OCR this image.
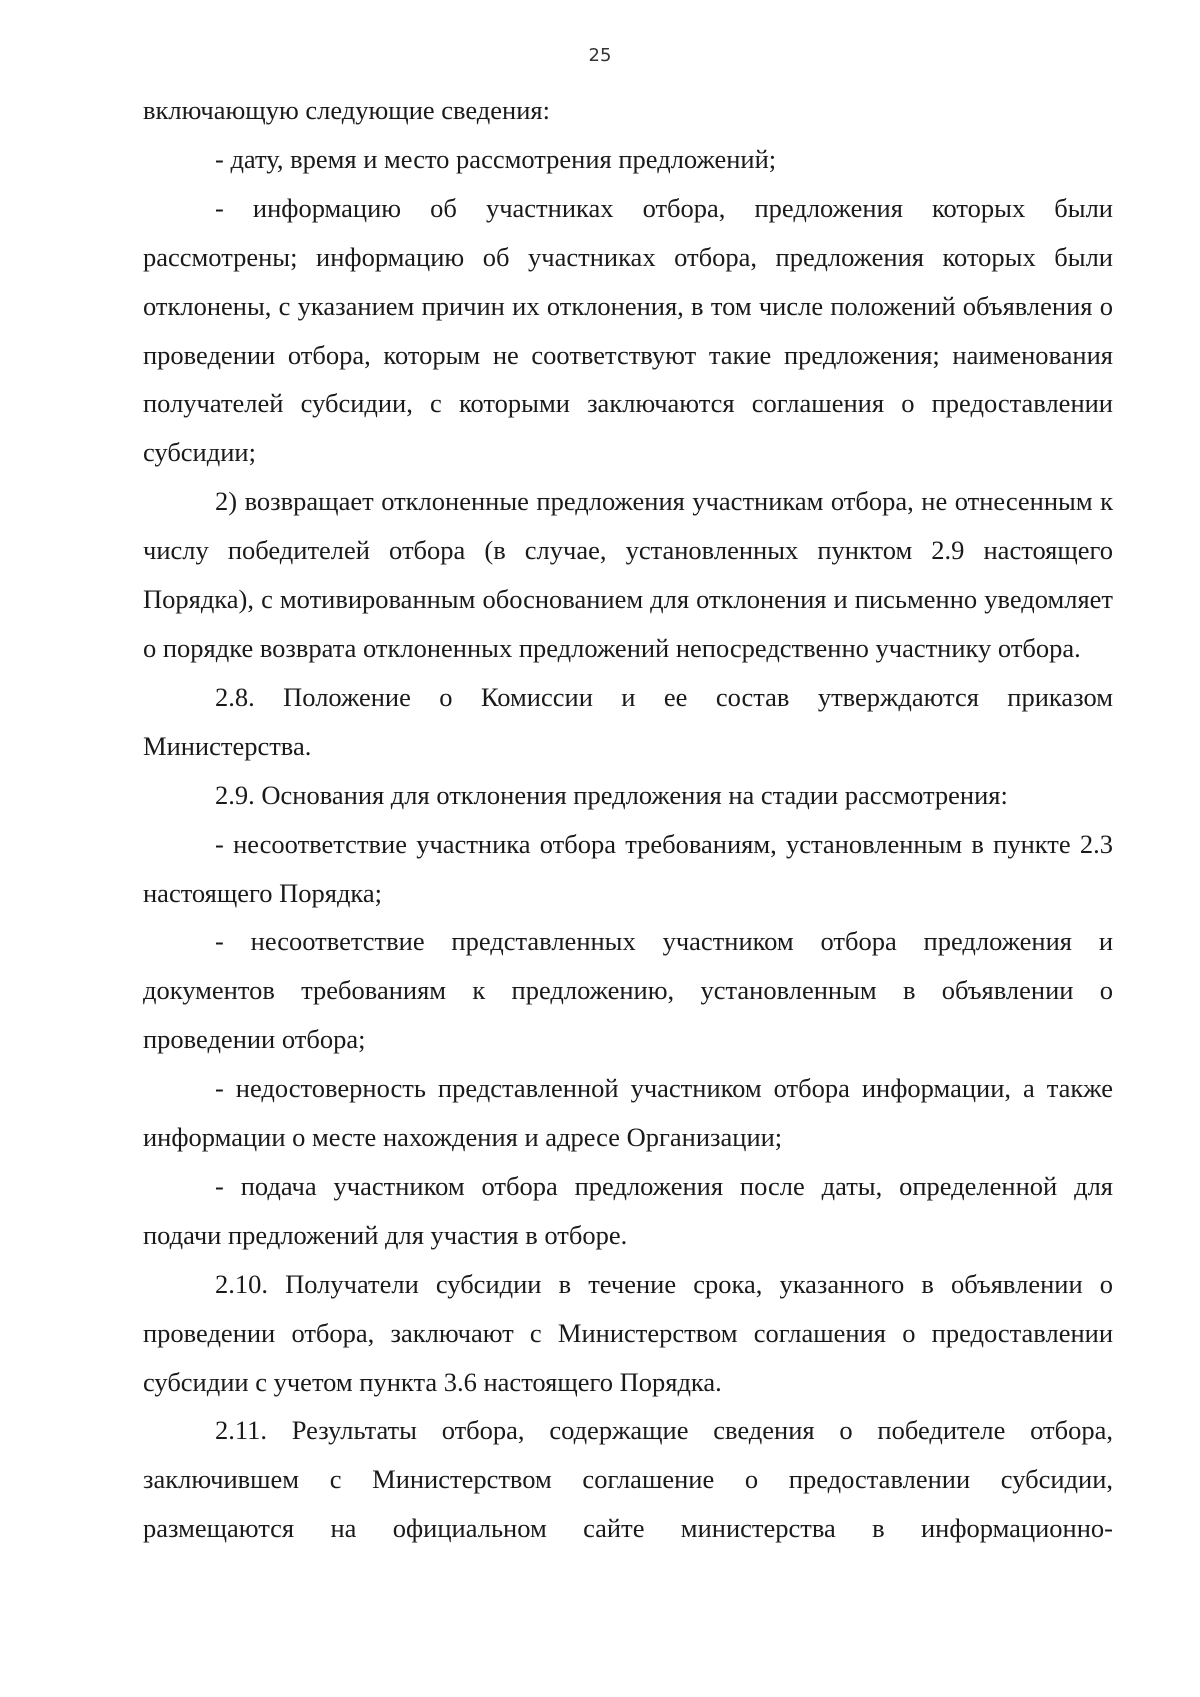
25

включающую следующие сведения:

- дату, время и место рассмотрения предложений;

- информацию об участниках отбора, предложения которых были рассмотрены; информацию об участниках отбора, предложения которых были отклонены, с указанием причин их отклонения, в том числе положений объявления о проведении отбора, которым не соответствуют такие предложения; наименования получателей субсидии, с которыми заключаются соглашения о предоставлении субсидии;

2) возвращает отклоненные предложения участникам отбора, не отнесенным к числу победителей отбора (в случае, установленных пунктом 2.9 настоящего Порядка), с мотивированным обоснованием для отклонения и письменно уведомляет о порядке возврата отклоненных предложений непосредственно участнику отбора.

2.8. Положение о Комиссии и ее состав утверждаются приказом Министерства.

2.9. Основания для отклонения предложения на стадии рассмотрения:

- несоответствие участника отбора требованиям, установленным в пункте 2.3 настоящего Порядка;

- несоответствие представленных участником отбора предложения и документов требованиям к предложению, установленным в объявлении о проведении отбора;

- недостоверность представленной участником отбора информации, а также информации о месте нахождения и адресе Организации;

- подача участником отбора предложения после даты, определенной для подачи предложений для участия в отборе.

2.10. Получатели субсидии в течение срока, указанного в объявлении о проведении отбора, заключают с Министерством соглашения о предоставлении субсидии с учетом пункта 3.6 настоящего Порядка.

2.11. Результаты отбора, содержащие сведения о победителе отбора, заключившем с Министерством соглашение о предоставлении субсидии, размещаются на официальном сайте министерства в информационно-
